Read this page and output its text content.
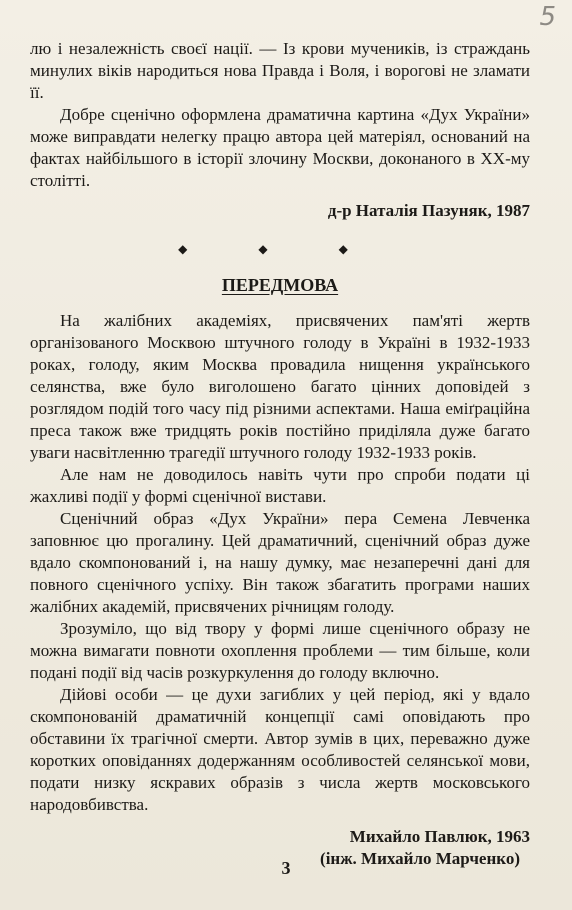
5

лю і незалежність своєї нації. — Із крови мучеників, із страждань минулих віків народиться нова Правда і Воля, і ворогові не зламати її.

Добре сценічно оформлена драматична картина «Дух України» може виправдати нелегку працю автора цей матеріял, оснований на фактах найбільшого в історії злочину Москви, доконаного в ХХ-му столітті.

д-р Наталія Пазуняк, 1987

◆ ◆ ◆
ПЕРЕДМОВА

На жалібних академіях, присвячених пам'яті жертв організованого Москвою штучного голоду в Україні в 1932-1933 роках, голоду, яким Москва провадила нищення українського селянства, вже було виголошено багато цінних доповідей з розглядом подій того часу під різними аспектами. Наша еміґраційна преса також вже тридцять років постійно приділяла дуже багато уваги насвітленню трагедії штучного голоду 1932-1933 років.

Але нам не доводилось навіть чути про спроби подати ці жахливі події у формі сценічної вистави.

Сценічний образ «Дух України» пера Семена Левченка заповнює цю прогалину. Цей драматичний, сценічний образ дуже вдало скомпонований і, на нашу думку, має незаперечні дані для повного сценічного успіху. Він також збагатить програми наших жалібних академій, присвячених річницям голоду.

Зрозуміло, що від твору у формі лише сценічного образу не можна вимагати повноти охоплення проблеми — тим більше, коли подані події від часів розкуркулення до голоду включно.

Дійові особи — це духи загиблих у цей період, які у вдало скомпонованій драматичній концепції самі оповідають про обставини їх трагічної смерти. Автор зумів в цих, переважно дуже коротких оповіданнях додержанням особливостей селянської мови, подати низку яскравих образів з числа жертв московського народовбивства.

Михайло Павлюк, 1963
(інж. Михайло Марченко)
3
